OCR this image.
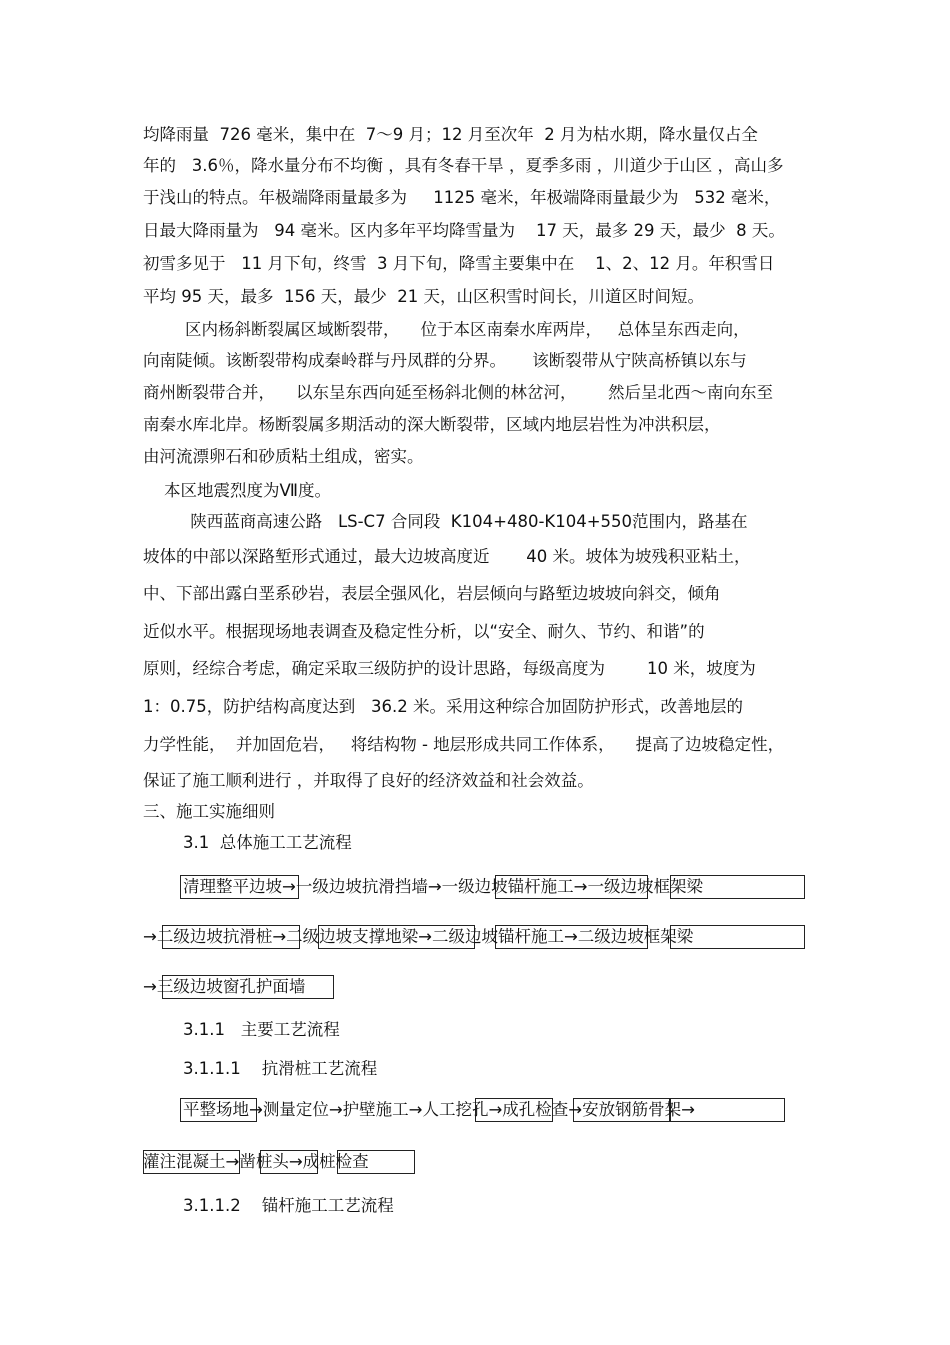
均降雨量  726 毫米，集中在  7～9 月；12 月至次年  2 月为枯水期，降水量仅占全
年的   3.6％，降水量分布不均衡 ，具有冬春干旱 ，夏季多雨 ，川道少于山区 ，高山多
于浅山的特点。年极端降雨量最多为     1125 毫米，年极端降雨量最少为   532 毫米，
日最大降雨量为   94 毫米。区内多年平均降雪量为    17 天，最多 29 天，最少  8 天。
初雪多见于   11 月下旬，终雪  3 月下旬，降雪主要集中在    1、2、12 月。年积雪日
平均 95 天，最多  156 天，最少  21 天，山区积雪时间长，川道区时间短。
区内杨斜断裂属区域断裂带，    位于本区南秦水库两岸，   总体呈东西走向，
向南陡倾。该断裂带构成秦岭群与丹凤群的分界。     该断裂带从宁陕高桥镇以东与
商州断裂带合并，    以东呈东西向延至杨斜北侧的林岔河，      然后呈北西～南向东至
南秦水库北岸。杨断裂属多期活动的深大断裂带，区域内地层岩性为冲洪积层，
由河流漂卵石和砂质粘土组成，密实。
本区地震烈度为Ⅶ度。
陕西蓝商高速公路   LS-C7 合同段  K104+480-K104+550范围内，路基在
坡体的中部以深路堑形式通过，最大边坡高度近       40 米。坡体为坡残积亚粘土，
中、下部出露白垩系砂岩，表层全强风化，岩层倾向与路堑边坡坡向斜交，倾角
近似水平。根据现场地表调查及稳定性分析，以“安全、耐久、节约、和谐”的
原则，经综合考虑，确定采取三级防护的设计思路，每级高度为        10 米，坡度为
1：0.75，防护结构高度达到   36.2 米。采用这种综合加固防护形式，改善地层的
力学性能，  并加固危岩，   将结构物 - 地层形成共同工作体系，    提高了边坡稳定性，
保证了施工顺利进行 ，并取得了良好的经济效益和社会效益。
三、施工实施细则
3.1  总体施工工艺流程
清理整平边坡→一级边坡抗滑挡墙→一级边坡锚杆施工→一级边坡框架梁
→二级边坡抗滑桩→二级边坡支撑地梁→二级边坡锚杆施工→二级边坡框架梁
→三级边坡窗孔护面墙
3.1.1   主要工艺流程
3.1.1.1    抗滑桩工艺流程
平整场地→测量定位→护壁施工→人工挖孔→成孔检查→安放钢筋骨架→
灌注混凝土→凿桩头→成桩检查
3.1.1.2    锚杆施工工艺流程
